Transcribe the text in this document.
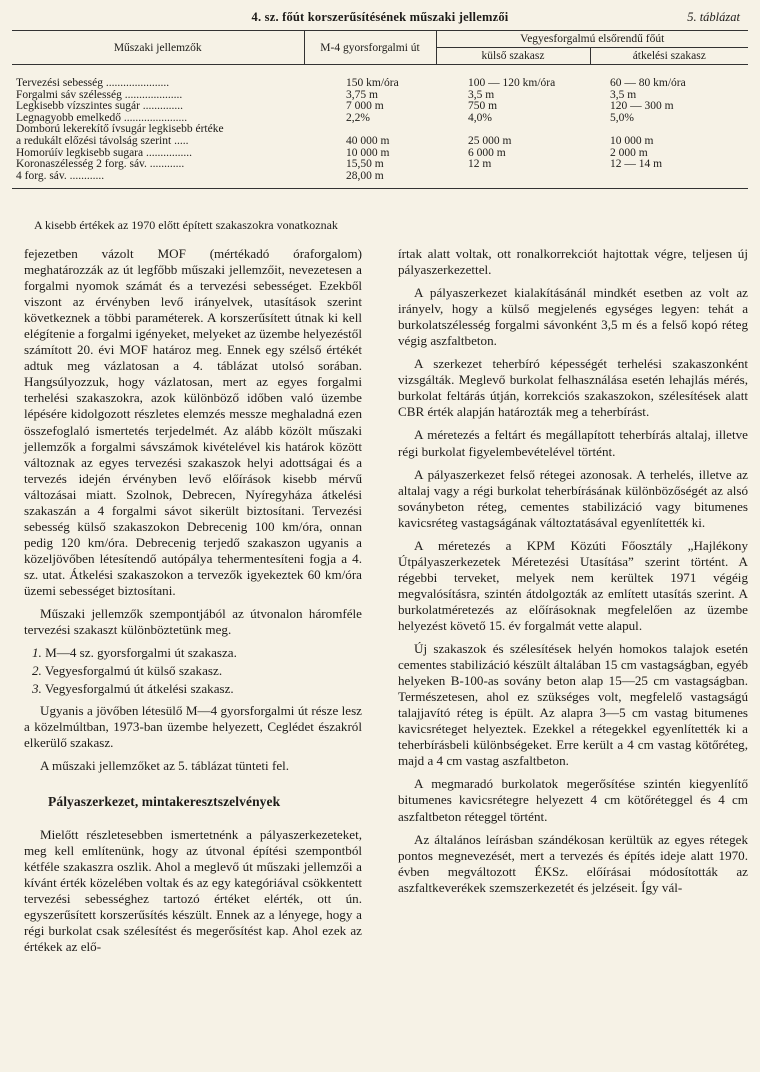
4. sz. főút korszerűsítésének műszaki jellemzői	5. táblázat
Műszaki jellemzők	M-4 gyorsforgalmi út	Vegyesforgalmú elsőrendű főút	
		külső szakasz	átkelési szakasz
Tervezési sebesség ......................	150 km/óra	100 — 120 km/óra	60 — 80 km/óra
Forgalmi sáv szélesség ....................	3,75 m	3,5 m	3,5 m
Legkisebb vízszintes sugár ..............	7 000 m	750 m	120 — 300 m
Legnagyobb emelkedő ......................	2,2%	4,0%	5,0%
Domború lekerekítő ívsugár legkisebb értéke			
a redukált előzési távolság szerint .....	40 000 m	25 000 m	10 000 m
Homorúív legkisebb sugara ................	10 000 m	6 000 m	2 000 m
Koronaszélesség 2 forg. sáv. ............	15,50 m	12 m	12 — 14 m
4 forg. sáv. ............	28,00 m		
A kisebb értékek az 1970 előtt épített szakaszokra vonatkoznak

fejezetben vázolt MOF (mértékadó óraforgalom) meghatározzák az út legfőbb műszaki jellemzőit, nevezetesen a forgalmi nyomok számát és a tervezési sebességet. Ezekből viszont az érvényben levő irányelvek, utasítások szerint következnek a többi paraméterek. A korszerűsített útnak ki kell elégítenie a forgalmi igényeket, melyeket az üzembe helyezéstől számított 20. évi MOF határoz meg. Ennek egy szélső értékét adtuk meg vázlatosan a 4. táblázat utolsó sorában. Hangsúlyozzuk, hogy vázlatosan, mert az egyes forgalmi terhelési szakaszokra, azok különböző időben való üzembe lépésére kidolgozott részletes elemzés messze meghaladná ezen összefoglaló ismertetés terjedelmét. Az alább közölt műszaki jellemzők a forgalmi sávszámok kivételével kis határok között változnak az egyes tervezési szakaszok helyi adottságai és a tervezés idején érvényben levő előírások kisebb mérvű változásai miatt. Szolnok, Debrecen, Nyíregyháza átkelési szakaszán a 4 forgalmi sávot sikerült biztosítani. Tervezési sebesség külső szakaszokon Debrecenig 100 km/óra, onnan pedig 120 km/óra. Debrecenig terjedő szakaszon ugyanis a közeljövőben létesítendő autópálya tehermentesíteni fogja a 4. sz. utat. Átkelési szakaszokon a tervezők igyekeztek 60 km/óra üzemi sebességet biztosítani.

Műszaki jellemzők szempontjából az útvonalon háromféle tervezési szakaszt különböztetünk meg.

1. M—4 sz. gyorsforgalmi út szakasza.
2. Vegyesforgalmú út külső szakasz.
3. Vegyesforgalmú út átkelési szakasz.

Ugyanis a jövőben létesülő M—4 gyorsforgalmi út része lesz a közelmúltban, 1973-ban üzembe helyezett, Ceglédet északról elkerülő szakasz.

A műszaki jellemzőket az 5. táblázat tünteti fel.

Pályaszerkezet, mintakeresztszelvények

Mielőtt részletesebben ismertetnénk a pályaszerkezeteket, meg kell említenünk, hogy az útvonal építési szempontból kétféle szakaszra oszlik. Ahol a meglevő út műszaki jellemzői a kívánt érték közelében voltak és az egy kategóriával csökkentett tervezési sebességhez tartozó értéket elérték, ott ún. egyszerűsített korszerűsítés készült. Ennek az a lényege, hogy a régi burkolat csak szélesítést és megerősítést kap. Ahol ezek az értékek az elő-

írtak alatt voltak, ott ronalkorrekciót hajtottak végre, teljesen új pályaszerkezettel.

A pályaszerkezet kialakításánál mindkét esetben az volt az irányelv, hogy a külső megjelenés egységes legyen: tehát a burkolatszélesség forgalmi sávonként 3,5 m és a felső kopó réteg végig aszfaltbeton.

A szerkezet teherbíró képességét terhelési szakaszonként vizsgálták. Meglevő burkolat felhasználása esetén lehajlás mérés, burkolat feltárás útján, korrekciós szakaszokon, szélesítések alatt CBR érték alapján határozták meg a teherbírást.

A méretezés a feltárt és megállapított teherbírás altalaj, illetve régi burkolat figyelembevételével történt.

A pályaszerkezet felső rétegei azonosak. A terhelés, illetve az altalaj vagy a régi burkolat teherbírásának különbözőségét az alsó soványbeton réteg, cementes stabilizáció vagy bitumenes kavicsréteg vastagságának változtatásával egyenlítették ki.

A méretezés a KPM Közúti Főosztály „Hajlékony Útpályaszerkezetek Méretezési Utasítása” szerint történt. A régebbi terveket, melyek nem kerültek 1971 végéig megvalósításra, szintén átdolgozták az említett utasítás szerint. A burkolatméretezés az előírásoknak megfelelően az üzembe helyezést követő 15. év forgalmát vette alapul.

Új szakaszok és szélesítések helyén homokos talajok esetén cementes stabilizáció készült általában 15 cm vastagságban, egyéb helyeken B-100-as sovány beton alap 15—25 cm vastagságban. Természetesen, ahol ez szükséges volt, megfelelő vastagságú talajjavító réteg is épült. Az alapra 3—5 cm vastag bitumenes kavicsréteget helyeztek. Ezekkel a rétegekkel egyenlítették ki a teherbírásbeli különbségeket. Erre került a 4 cm vastag kötőréteg, majd a 4 cm vastag aszfaltbeton.

A megmaradó burkolatok megerősítése szintén kiegyenlítő bitumenes kavicsrétegre helyezett 4 cm kötőréteggel és 4 cm aszfaltbeton réteggel történt.

Az általános leírásban szándékosan kerültük az egyes rétegek pontos megnevezését, mert a tervezés és építés ideje alatt 1970. évben megváltozott ÉKSz. előírásai módosították az aszfaltkeverékek szemszerkezetét és jelzéseit. Így vál-
